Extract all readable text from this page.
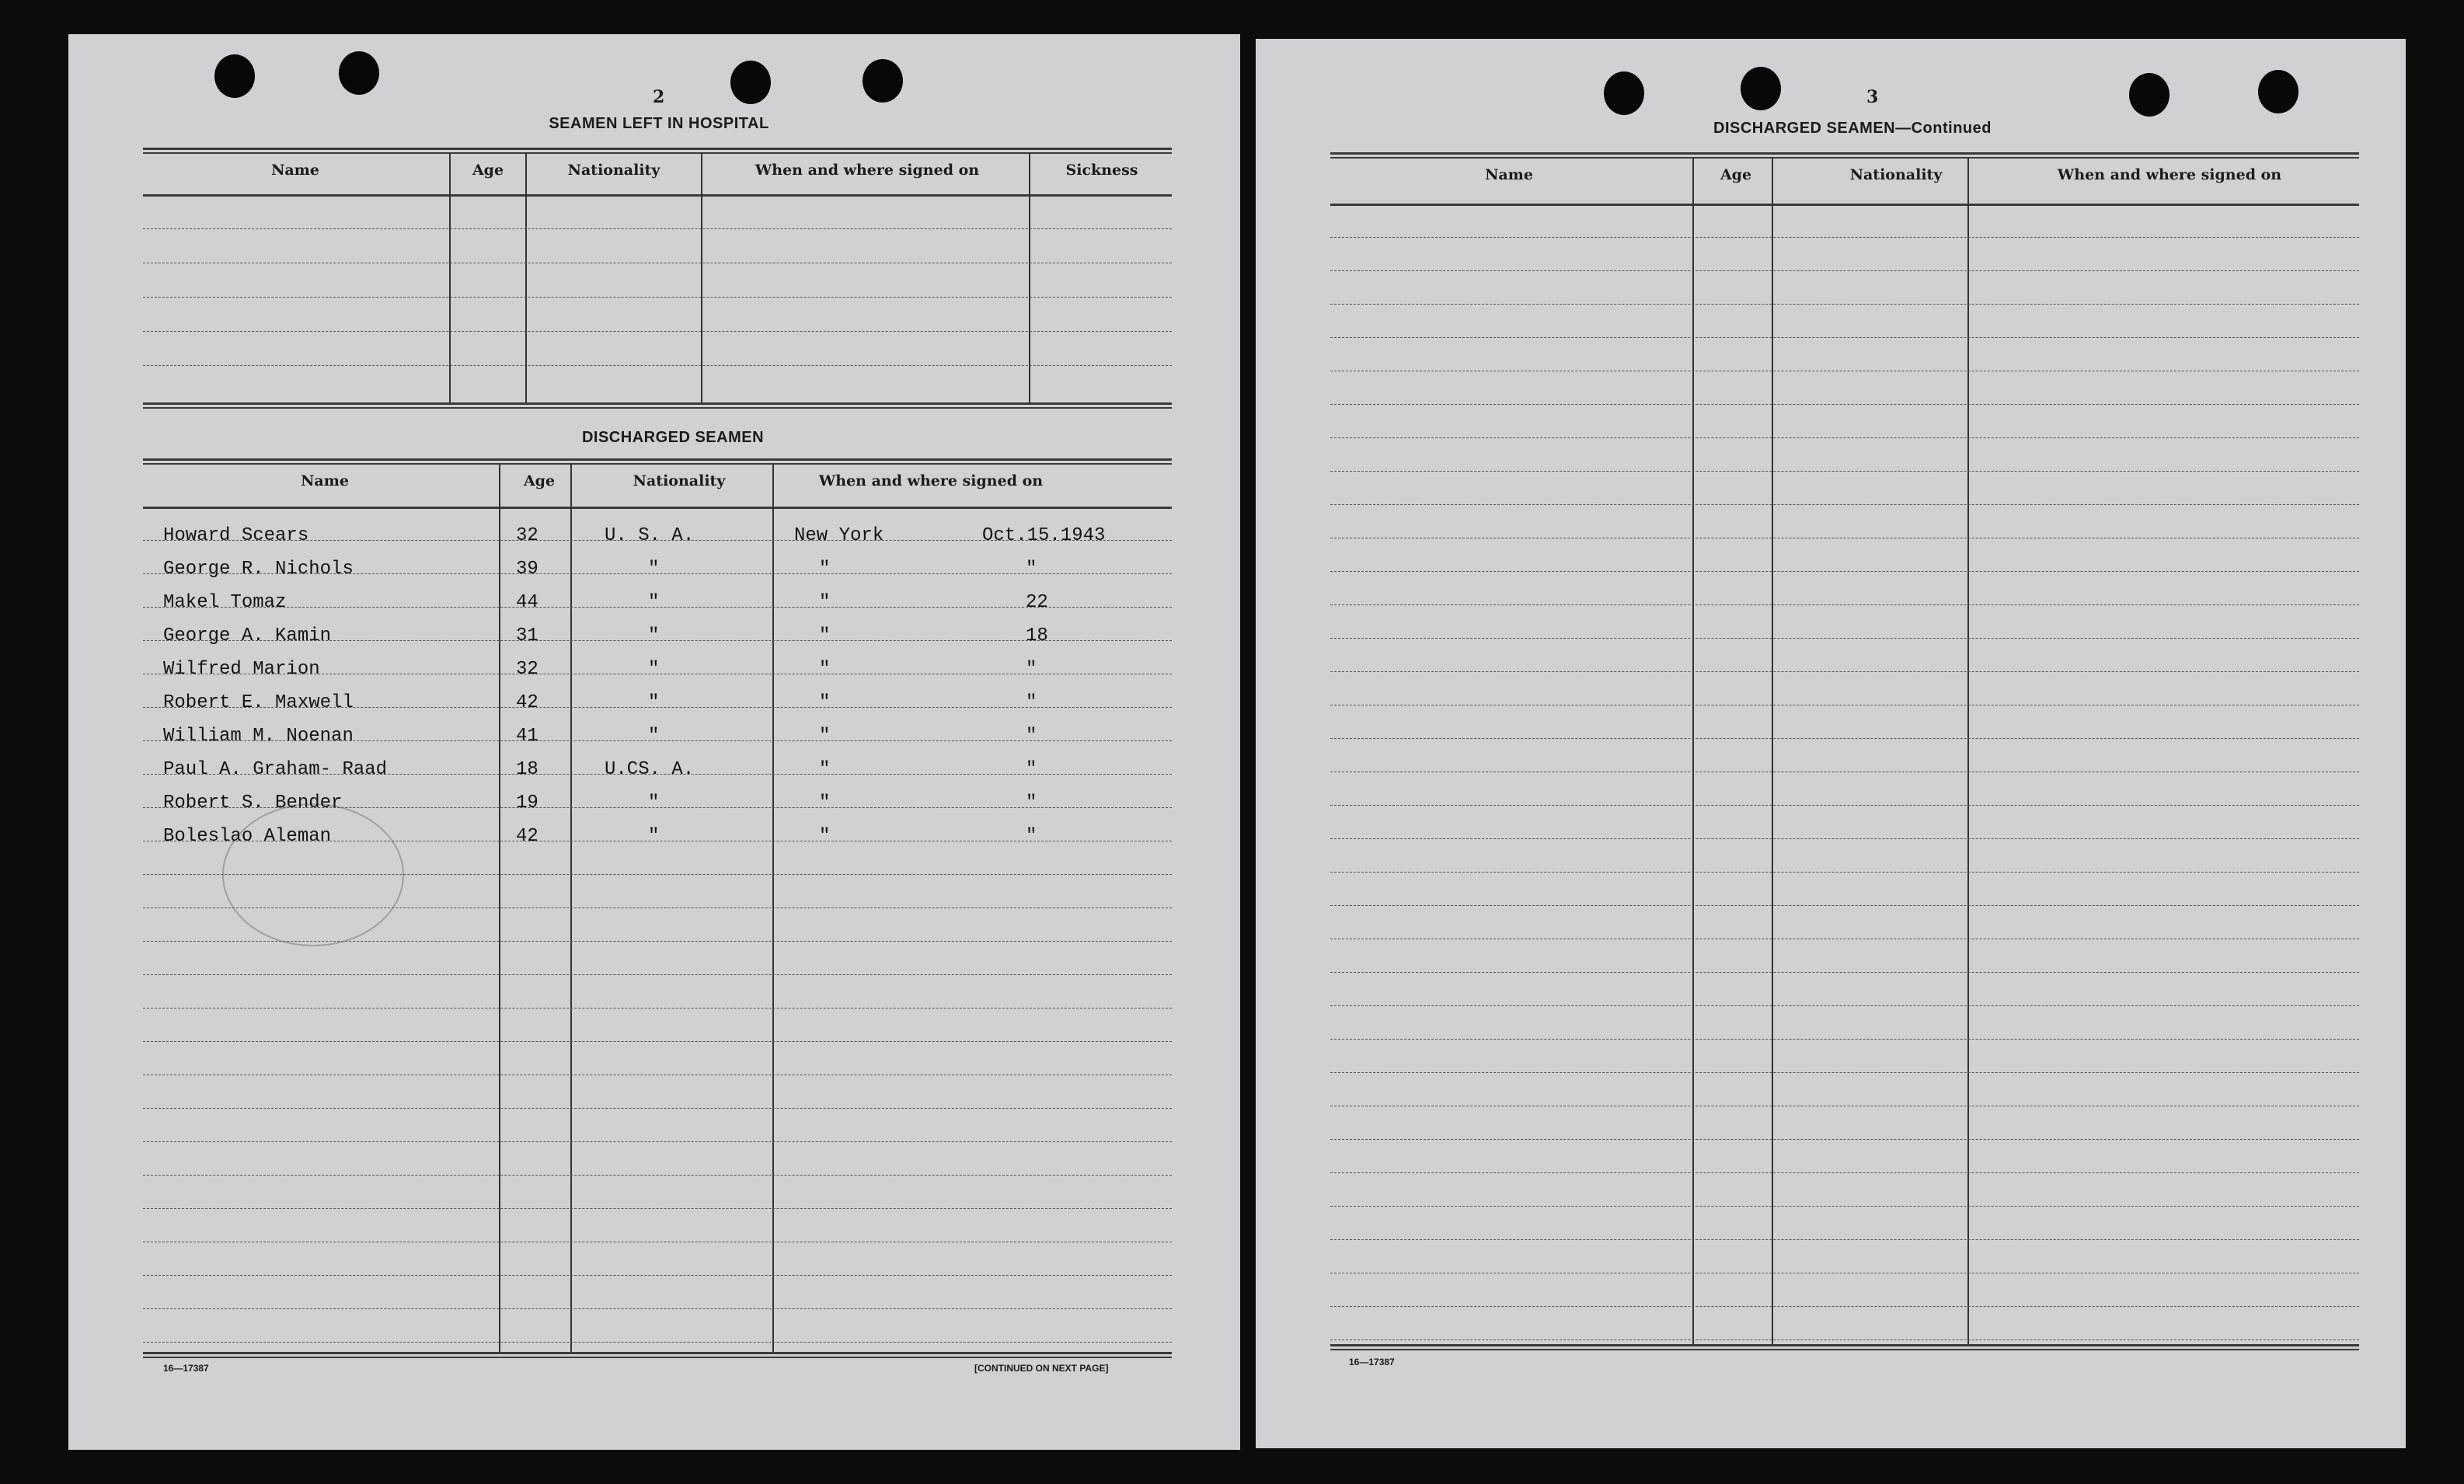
2
SEAMEN LEFT IN HOSPITAL
DISCHARGED SEAMEN
16—17387	[CONTINUED ON NEXT PAGE]
Name	Age	Nationality	When and where signed on	Sickness
Name	Age	Nationality	When and where signed on
Howard Scears	32	U. S. A.	New York	Oct.15.1943
George R. Nichols	39	"	"	"
Makel Tomaz	44	"	"	22
George A. Kamin	31	"	"	18
Wilfred Marion	32	"	"	"
Robert E. Maxwell	42	"	"	"
William M. Noenan	41	"	"	"
Paul A. Graham- Raad	18	U.CS. A.	"	"
Robert S. Bender	19	"	"	"
Boleslao Aleman	42	"	"	"
3
DISCHARGED SEAMEN—Continued
16—17387
Name	Age	Nationality	When and where signed on
